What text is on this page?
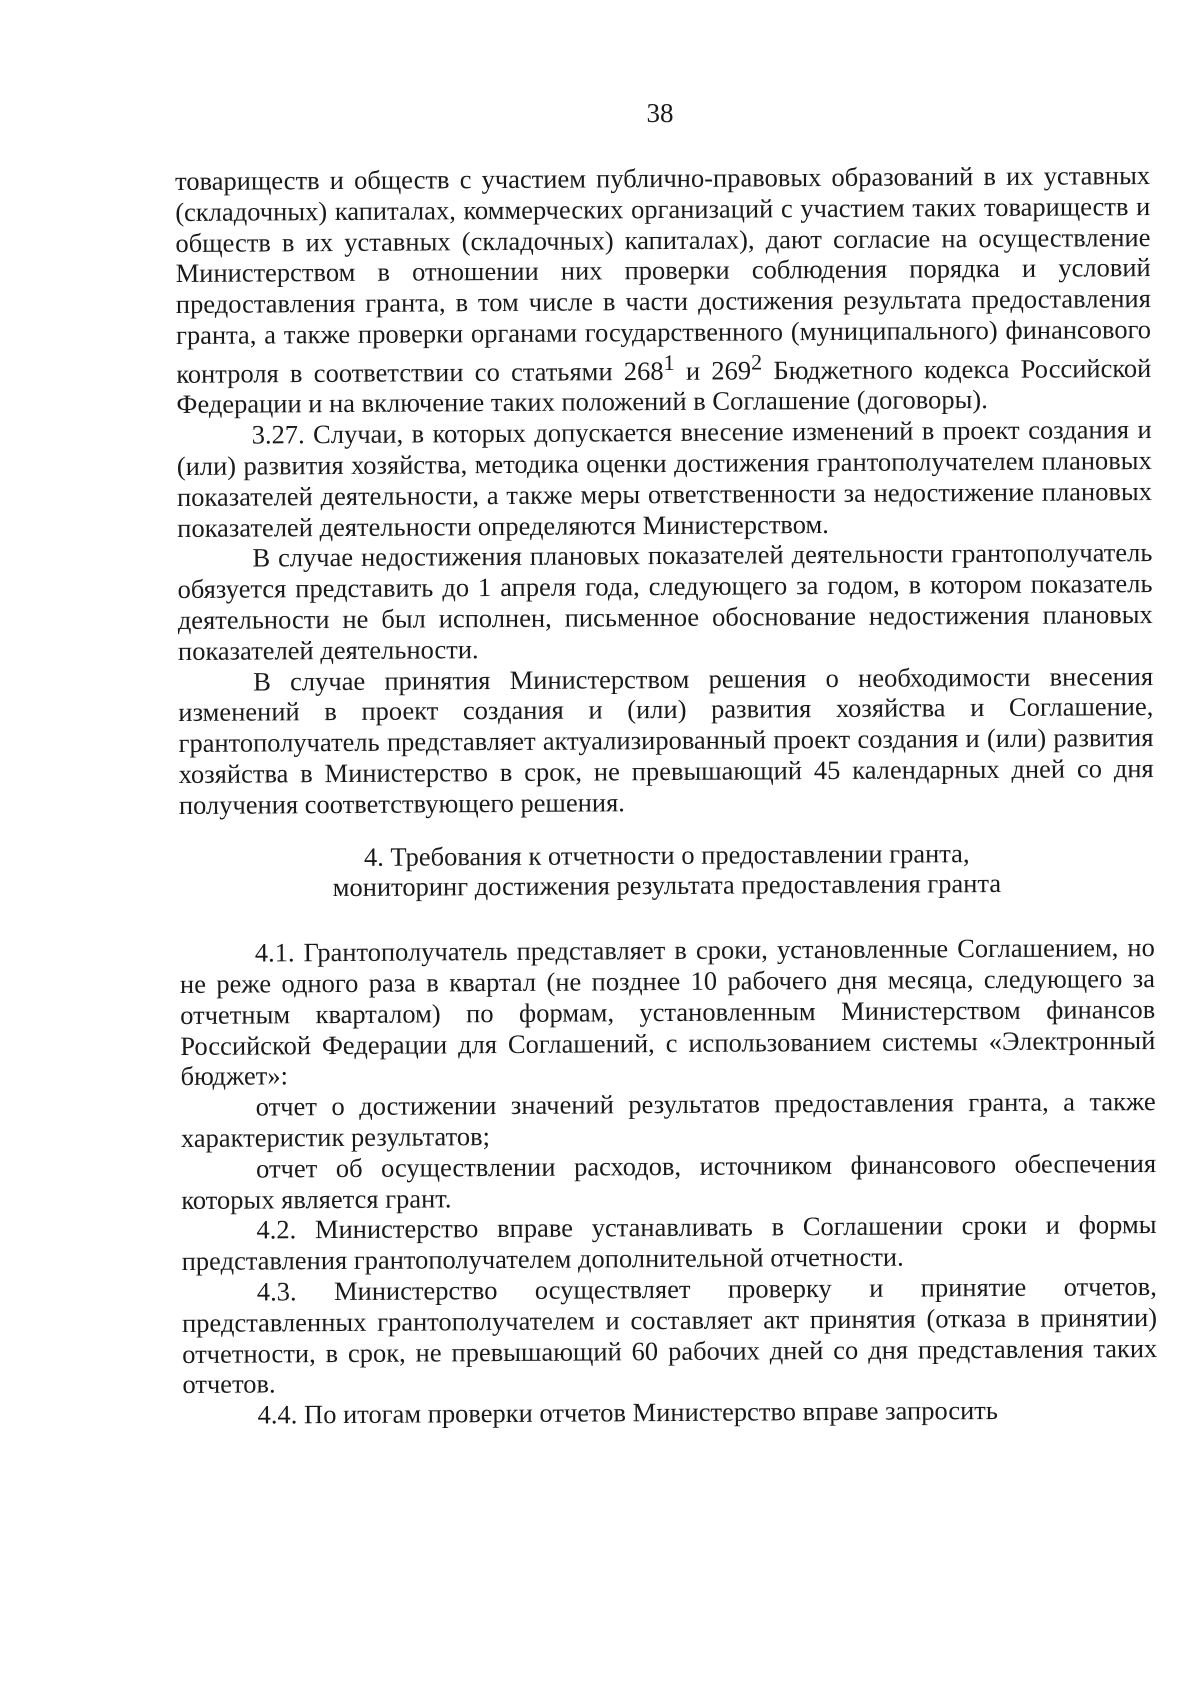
38

товариществ и обществ с участием публично-правовых образований в их уставных (складочных) капиталах, коммерческих организаций с участием таких товариществ и обществ в их уставных (складочных) капиталах), дают согласие на осуществление Министерством в отношении них проверки соблюдения порядка и условий предоставления гранта, в том числе в части достижения результата предоставления гранта, а также проверки органами государственного (муниципального) финансового контроля в соответствии со статьями $268^1$ и $269^2$ Бюджетного кодекса Российской Федерации и на включение таких положений в Соглашение (договоры).

3.27. Случаи, в которых допускается внесение изменений в проект создания и (или) развития хозяйства, методика оценки достижения грантополучателем плановых показателей деятельности, а также меры ответственности за недостижение плановых показателей деятельности определяются Министерством.

В случае недостижения плановых показателей деятельности грантополучатель обязуется представить до 1 апреля года, следующего за годом, в котором показатель деятельности не был исполнен, письменное обоснование недостижения плановых показателей деятельности.

В случае принятия Министерством решения о необходимости внесения изменений в проект создания и (или) развития хозяйства и Соглашение, грантополучатель представляет актуализированный проект создания и (или) развития хозяйства в Министерство в срок, не превышающий 45 календарных дней со дня получения соответствующего решения.

4. Требования к отчетности о предоставлении гранта,
мониторинг достижения результата предоставления гранта

4.1. Грантополучатель представляет в сроки, установленные Соглашением, но не реже одного раза в квартал (не позднее 10 рабочего дня месяца, следующего за отчетным кварталом) по формам, установленным Министерством финансов Российской Федерации для Соглашений, с использованием системы «Электронный бюджет»:

отчет о достижении значений результатов предоставления гранта, а также характеристик результатов;

отчет об осуществлении расходов, источником финансового обеспечения которых является грант.

4.2. Министерство вправе устанавливать в Соглашении сроки и формы представления грантополучателем дополнительной отчетности.

4.3. Министерство осуществляет проверку и принятие отчетов, представленных грантополучателем и составляет акт принятия (отказа в принятии) отчетности, в срок, не превышающий 60 рабочих дней со дня представления таких отчетов.

4.4. По итогам проверки отчетов Министерство вправе запросить
